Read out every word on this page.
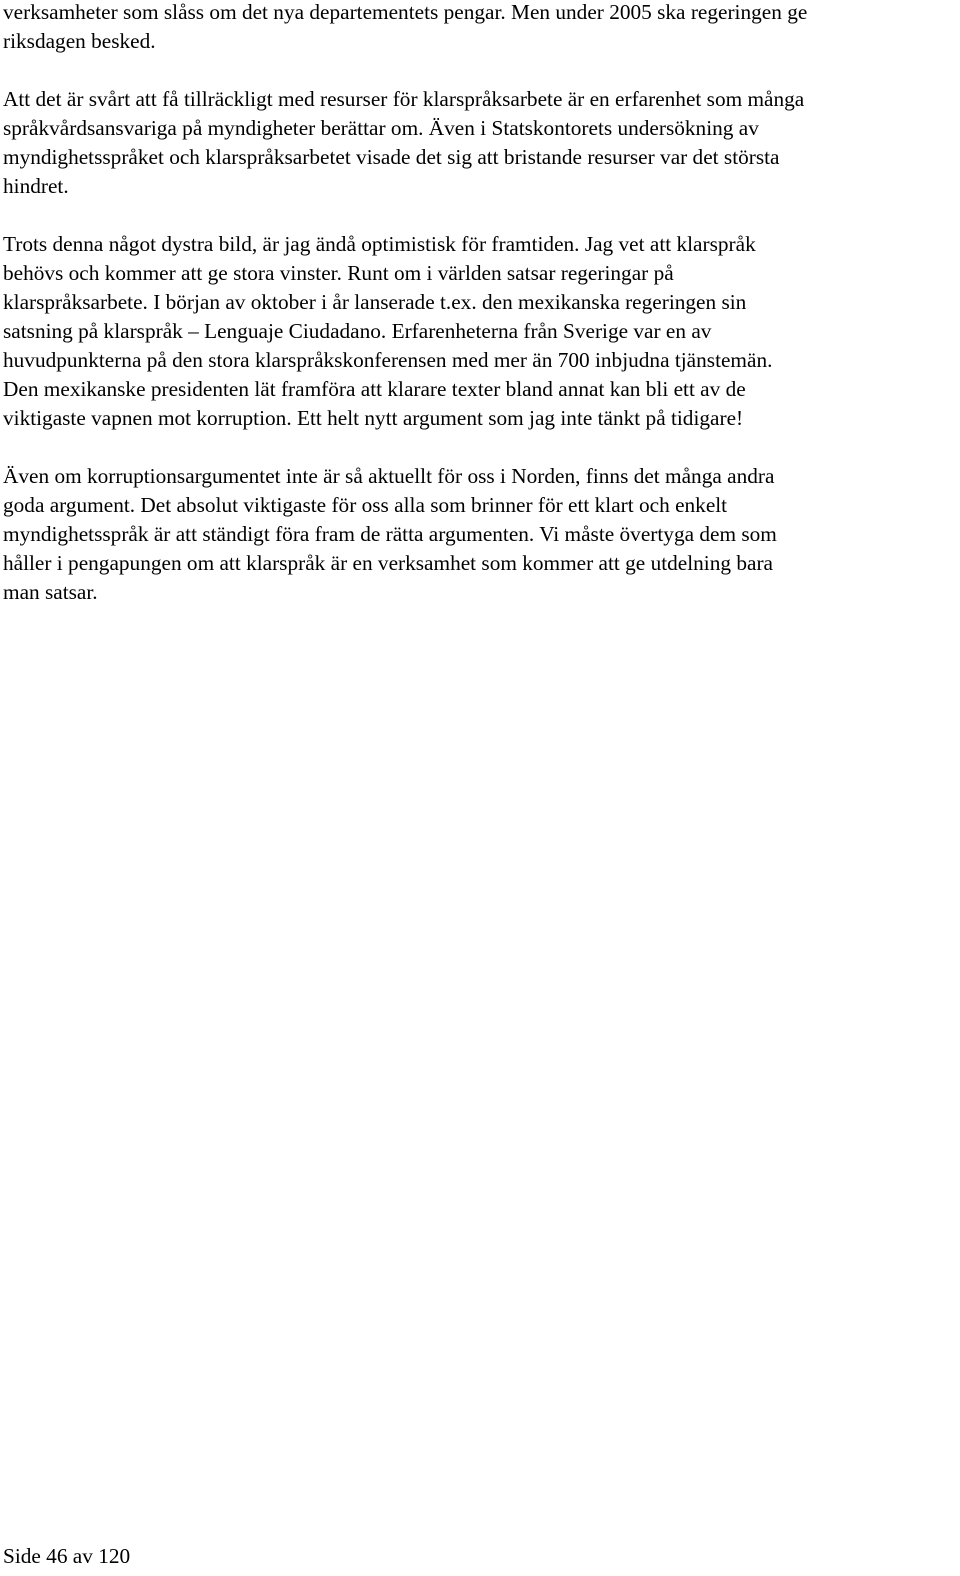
verksamheter som slåss om det nya departementets pengar. Men under 2005 ska regeringen ge
riksdagen besked.

Att det är svårt att få tillräckligt med resurser för klarspråksarbete är en erfarenhet som många
språkvårdsansvariga på myndigheter berättar om. Även i Statskontorets undersökning av
myndighetsspråket och klarspråksarbetet visade det sig att bristande resurser var det största
hindret.

Trots denna något dystra bild, är jag ändå optimistisk för framtiden. Jag vet att klarspråk
behövs och kommer att ge stora vinster. Runt om i världen satsar regeringar på
klarspråksarbete. I början av oktober i år lanserade t.ex. den mexikanska regeringen sin
satsning på klarspråk – Lenguaje Ciudadano. Erfarenheterna från Sverige var en av
huvudpunkterna på den stora klarspråkskonferensen med mer än 700 inbjudna tjänstemän.
Den mexikanske presidenten lät framföra att klarare texter bland annat kan bli ett av de
viktigaste vapnen mot korruption. Ett helt nytt argument som jag inte tänkt på tidigare!

Även om korruptionsargumentet inte är så aktuellt för oss i Norden, finns det många andra
goda argument. Det absolut viktigaste för oss alla som brinner för ett klart och enkelt
myndighetsspråk är att ständigt föra fram de rätta argumenten. Vi måste övertyga dem som
håller i pengapungen om att klarspråk är en verksamhet som kommer att ge utdelning bara
man satsar.

Side 46 av 120
